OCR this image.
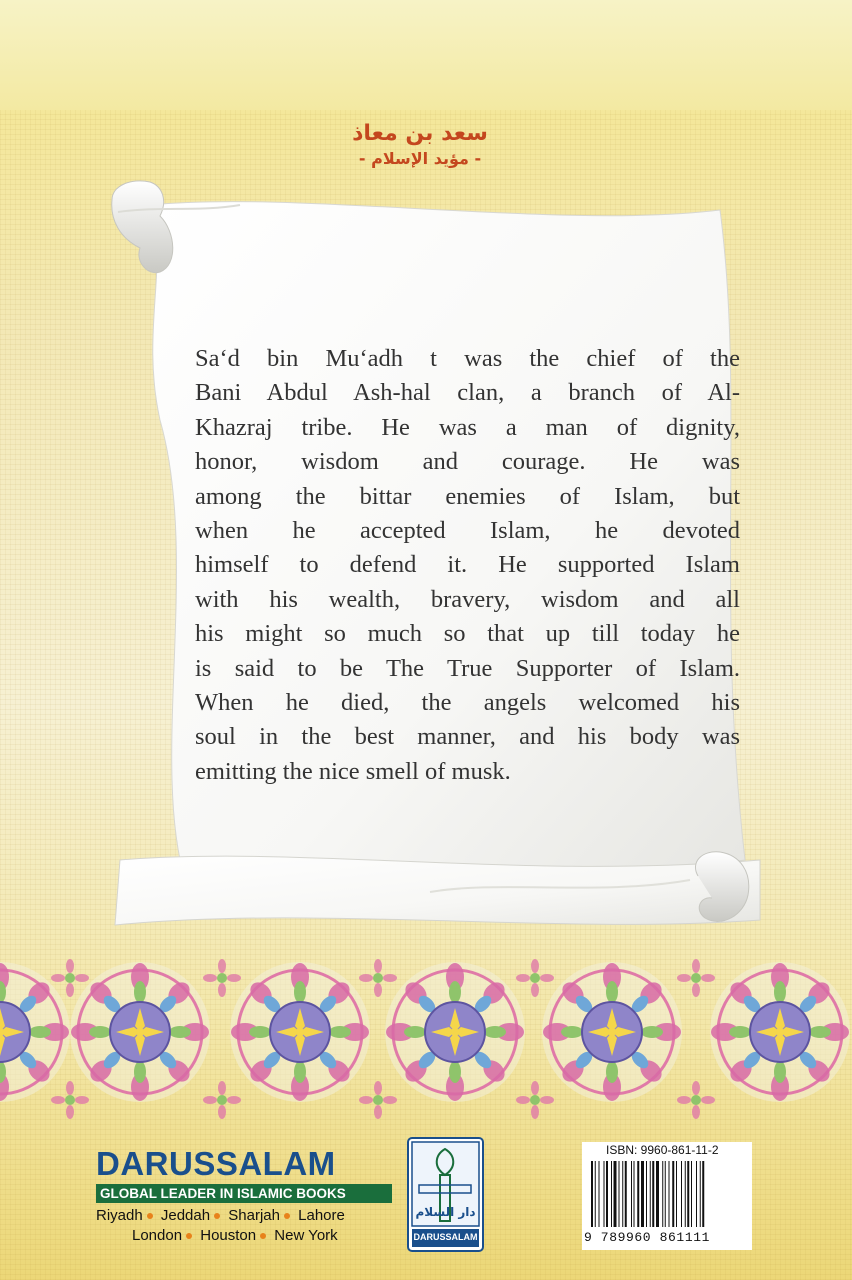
سعد بن معاذ
- مؤيد الإسلام -
Sa‘d bin Mu‘adh t was the chief of the
Bani Abdul Ash-hal clan, a branch of Al-
Khazraj tribe. He was a man of dignity,
honor, wisdom and courage. He was
among the bittar enemies of Islam, but
when he accepted Islam, he devoted
himself to defend it. He supported Islam
with his wealth, bravery, wisdom and all
his might so much so that up till today he
is said to be The True Supporter of Islam.
When he died, the angels welcomed his
soul in the best manner, and his body was
emitting the nice smell of musk.
DARUSSALAM
GLOBAL LEADER IN ISLAMIC BOOKS
Riyadh Jeddah Sharjah Lahore
London Houston New York
دار السلام
DARUSSALAM
ISBN: 9960-861-11-2
9 789960 861111
